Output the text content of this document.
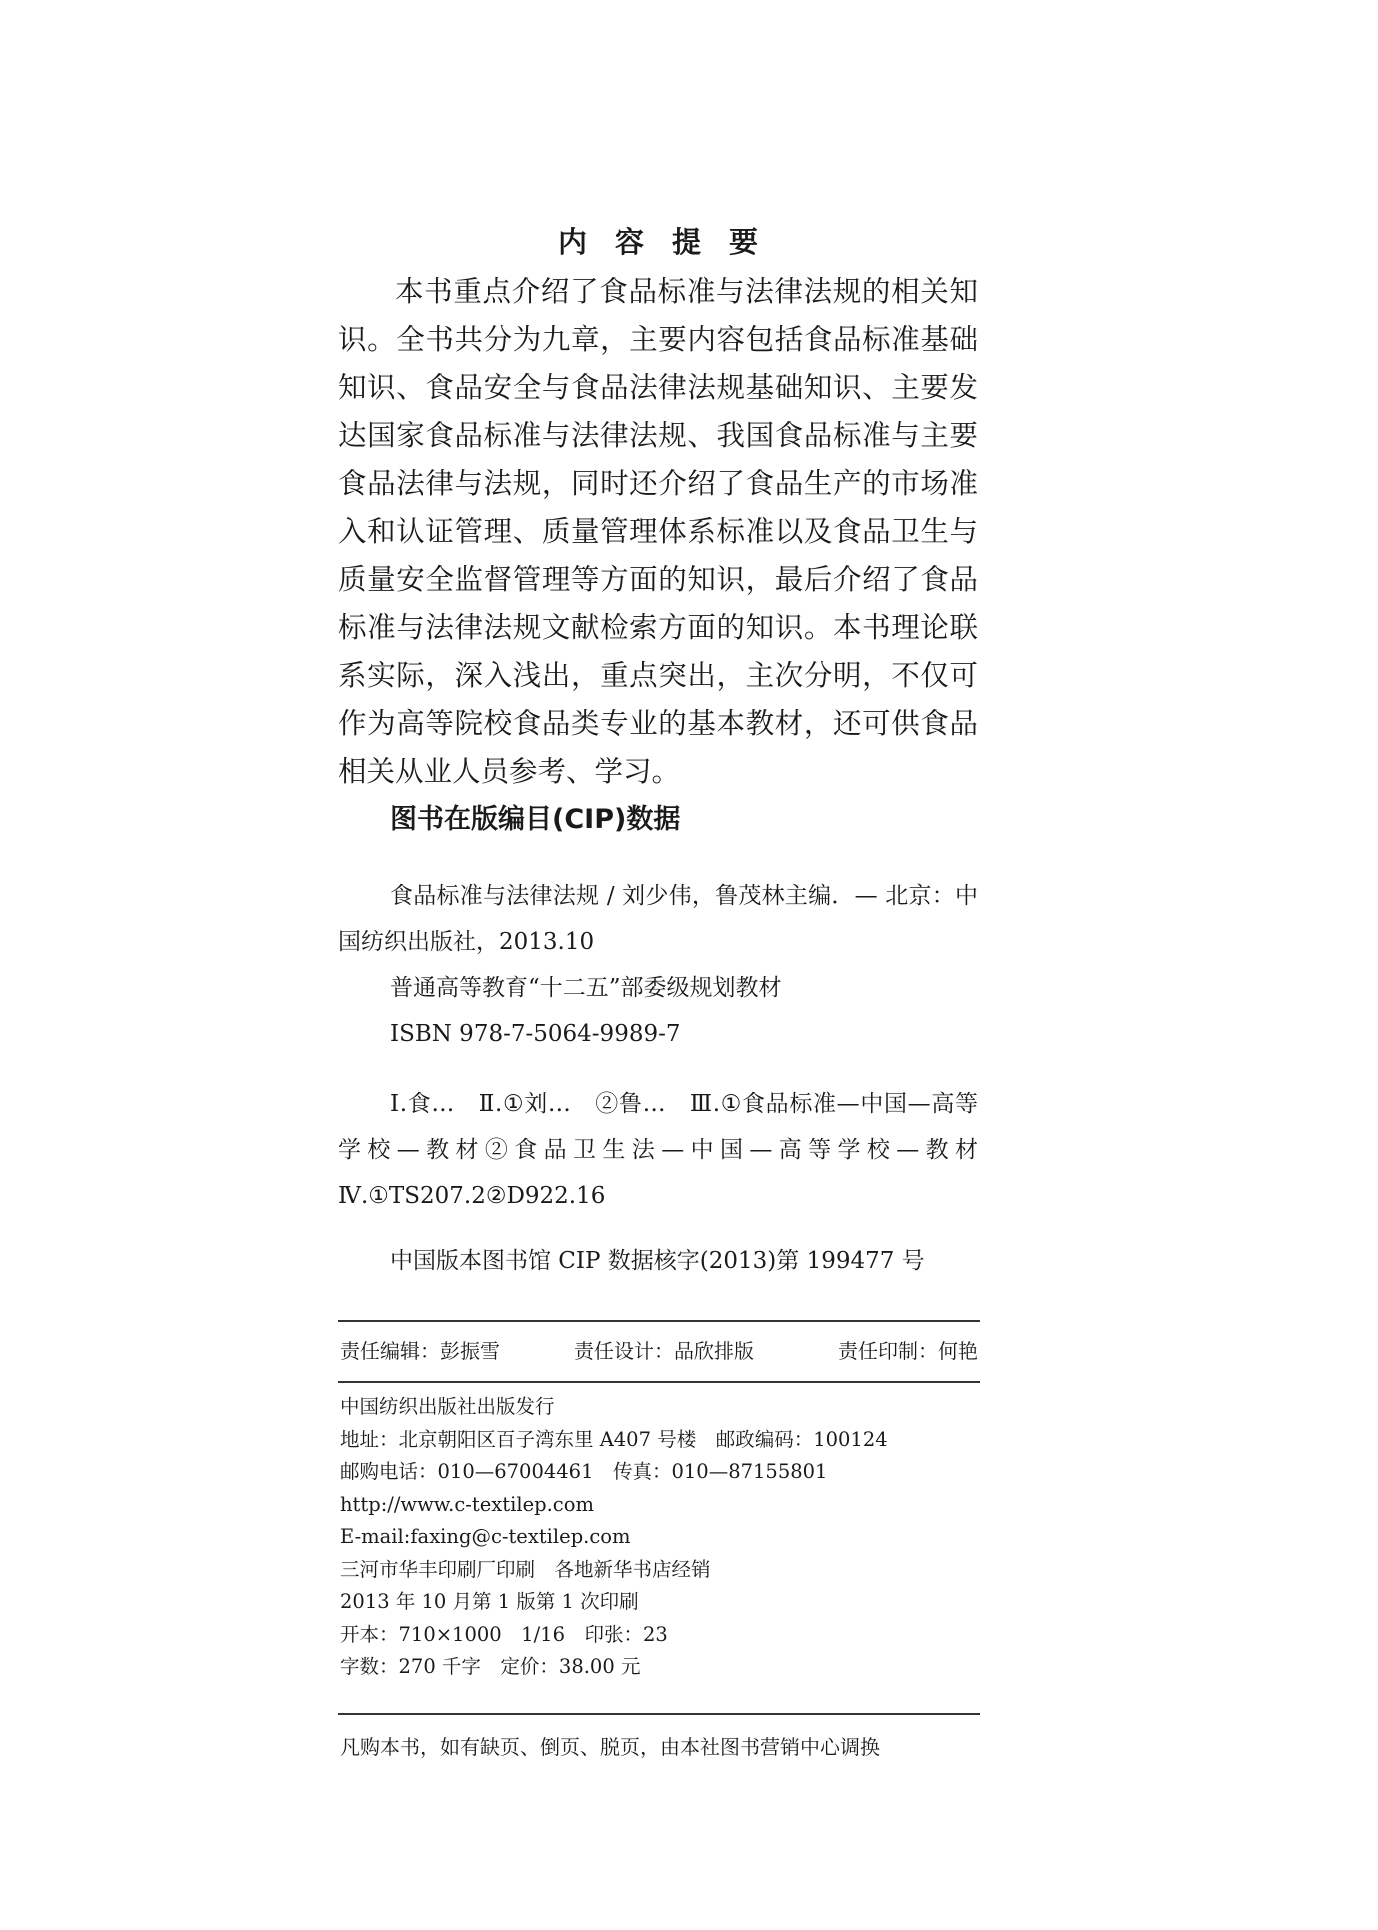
内容提要
本书重点介绍了食品标准与法律法规的相关知识。全书共分为九章，主要内容包括食品标准基础知识、食品安全与食品法律法规基础知识、主要发达国家食品标准与法律法规、我国食品标准与主要食品法律与法规，同时还介绍了食品生产的市场准入和认证管理、质量管理体系标准以及食品卫生与质量安全监督管理等方面的知识，最后介绍了食品标准与法律法规文献检索方面的知识。本书理论联系实际，深入浅出，重点突出，主次分明，不仅可作为高等院校食品类专业的基本教材，还可供食品相关从业人员参考、学习。
图书在版编目(CIP)数据
食品标准与法律法规 / 刘少伟，鲁茂林主编．— 北京：中国纺织出版社，2013.10
普通高等教育“十二五”部委级规划教材
ISBN 978-7-5064-9989-7
Ⅰ.食…　Ⅱ.①刘…　②鲁…　Ⅲ.①食品标准—中国—高等学校—教材②食品卫生法—中国—高等学校—教材　Ⅳ.①TS207.2②D922.16
中国版本图书馆 CIP 数据核字(2013)第 199477 号
责任编辑：彭振雪	责任设计：品欣排版	责任印制：何艳
中国纺织出版社出版发行
地址：北京朝阳区百子湾东里 A407 号楼　邮政编码：100124
邮购电话：010—67004461　传真：010—87155801
http://www.c-textilep.com
E-mail:faxing@c-textilep.com
三河市华丰印刷厂印刷　各地新华书店经销
2013 年 10 月第 1 版第 1 次印刷
开本：710×1000　1/16　印张：23
字数：270 千字　定价：38.00 元
凡购本书，如有缺页、倒页、脱页，由本社图书营销中心调换
